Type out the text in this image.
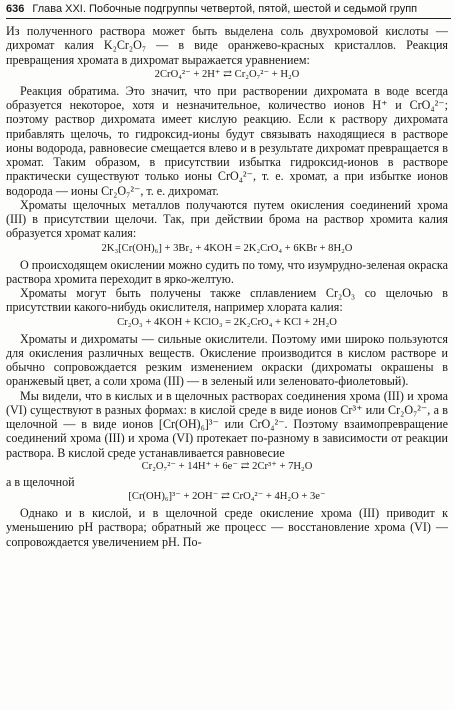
636 Глава XXI. Побочные подгруппы четвертой, пятой, шестой и седьмой групп

Из полученного раствора может быть выделена соль двухромовой кислоты — дихромат калия K₂Cr₂O₇ — в виде оранжево-красных кристаллов. Реакция превращения хромата в дихромат выражается уравнением:

2CrO₄²⁻ + 2H⁺ ⇄ Cr₂O₇²⁻ + H₂O

Реакция обратима. Это значит, что при растворении дихромата в воде всегда образуется некоторое, хотя и незначительное, количество ионов H⁺ и CrO₄²⁻; поэтому раствор дихромата имеет кислую реакцию. Если к раствору дихромата прибавлять щелочь, то гидроксид-ионы будут связывать находящиеся в растворе ионы водорода, равновесие смещается влево и в результате дихромат превращается в хромат. Таким образом, в присутствии избытка гидроксид-ионов в растворе практически существуют только ионы CrO₄²⁻, т. е. хромат, а при избытке ионов водорода — ионы Cr₂O₇²⁻, т. е. дихромат.

Хроматы щелочных металлов получаются путем окисления соединений хрома (III) в присутствии щелочи. Так, при действии брома на раствор хромита калия образуется хромат калия:

2K₃[Cr(OH)₆] + 3Br₂ + 4KOH = 2K₂CrO₄ + 6KBr + 8H₂O

О происходящем окислении можно судить по тому, что изумрудно-зеленая окраска раствора хромита переходит в ярко-желтую.

Хроматы могут быть получены также сплавлением Cr₂O₃ со щелочью в присутствии какого-нибудь окислителя, например хлората калия:

Cr₂O₃ + 4KOH + KClO₃ = 2K₂CrO₄ + KCl + 2H₂O

Хроматы и дихроматы — сильные окислители. Поэтому ими широко пользуются для окисления различных веществ. Окисление производится в кислом растворе и обычно сопровождается резким изменением окраски (дихроматы окрашены в оранжевый цвет, а соли хрома (III) — в зеленый или зеленовато-фиолетовый).

Мы видели, что в кислых и в щелочных растворах соединения хрома (III) и хрома (VI) существуют в разных формах: в кислой среде в виде ионов Cr³⁺ или Cr₂O₇²⁻, а в щелочной — в виде ионов [Cr(OH)₆]³⁻ или CrO₄²⁻. Поэтому взаимопревращение соединений хрома (III) и хрома (VI) протекает по-разному в зависимости от реакции раствора. В кислой среде устанавливается равновесие

Cr₂O₇²⁻ + 14H⁺ + 6e⁻ ⇄ 2Cr³⁺ + 7H₂O

а в щелочной

[Cr(OH)₆]³⁻ + 2OH⁻ ⇄ CrO₄²⁻ + 4H₂O + 3e⁻

Однако и в кислой, и в щелочной среде окисление хрома (III) приводит к уменьшению pH раствора; обратный же процесс — восстановление хрома (VI) — сопровождается увеличением pH. По-
